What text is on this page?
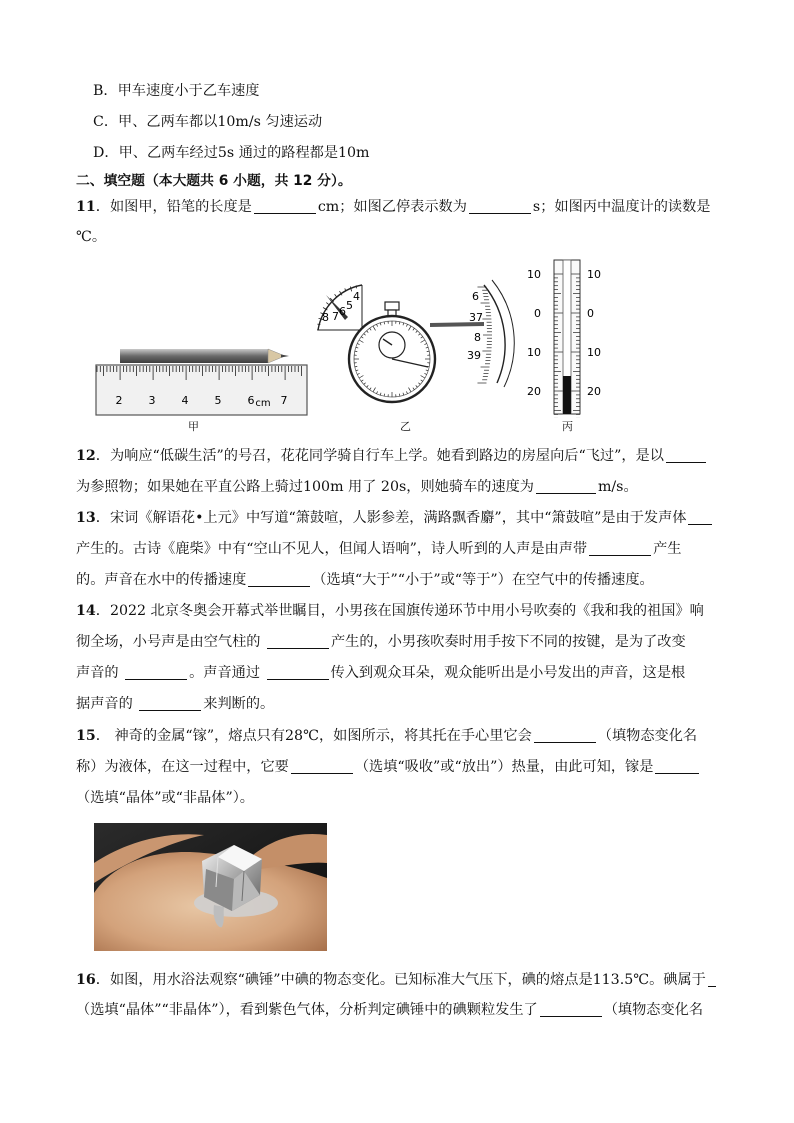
B．甲车速度小于乙车速度
C．甲、乙两车都以10m/s 匀速运动
D．甲、乙两车经过5s 通过的路程都是10m
二、填空题（本大题共 6 小题，共 12 分）。
11．如图甲，铅笔的长度是	cm；如图乙停表示数为	s；如图丙中温度计的读数是
℃。
2 3 4 5 6 7
cm
甲
8 7 6 5
4	6
37
8
39
乙
10
0
10
20
10
0
10
20
丙
12．为响应“低碳生活”的号召，花花同学骑自行车上学。她看到路边的房屋向后“飞过”，是以
为参照物；如果她在平直公路上骑过100m 用了 20s，则她骑车的速度为	m/s。
13．宋词《解语花•上元》中写道“箫鼓喧，人影参差，满路飘香麝”，其中“箫鼓喧”是由于发声体
产生的。古诗《鹿柴》中有“空山不见人，但闻人语响”，诗人听到的人声是由声带	产生
的。声音在水中的传播速度	（选填“大于”“小于”或“等于”）在空气中的传播速度。
14．2022 北京冬奥会开幕式举世瞩目，小男孩在国旗传递环节中用小号吹奏的《我和我的祖国》响
彻全场，小号声是由空气柱的	产生的，小男孩吹奏时用手按下不同的按键，是为了改变
声音的	。声音通过	传入到观众耳朵，观众能听出是小号发出的声音，这是根
据声音的	来判断的。
15． 神奇的金属“镓”，熔点只有28℃，如图所示，将其托在手心里它会	（填物态变化名
称）为液体，在这一过程中，它要	（选填“吸收”或“放出”）热量，由此可知，镓是
（选填“晶体”或“非晶体”）。
16．如图，用水浴法观察“碘锤”中碘的物态变化。已知标准大气压下，碘的熔点是113.5℃。碘属于
（选填“晶体”“非晶体”），看到紫色气体，分析判定碘锤中的碘颗粒发生了	（填物态变化名
